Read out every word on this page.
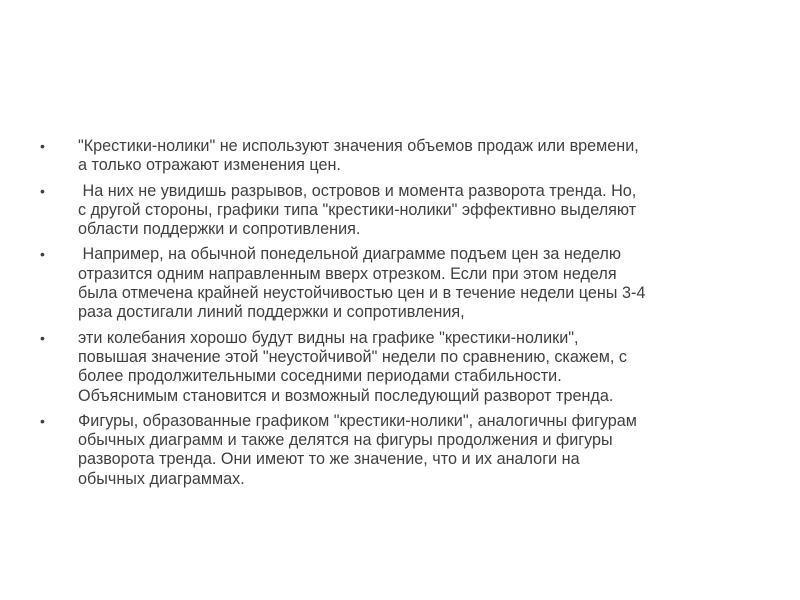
•	"Крестики-нолики" не используют значения объемов продаж или времени,
а только отражают изменения цен.
•	На них не увидишь разрывов, островов и момента разворота тренда. Но,
с другой стороны, графики типа "крестики-нолики" эффективно выделяют
области поддержки и сопротивления.
•	Например, на обычной понедельной диаграмме подъем цен за неделю
отразится одним направленным вверх отрезком. Если при этом неделя
была отмечена крайней неустойчивостью цен и в течение недели цены 3-4
раза достигали линий поддержки и сопротивления,
•	эти колебания хорошо будут видны на графике "крестики-нолики",
повышая значение этой "неустойчивой" недели по сравнению, скажем, с
более продолжительными соседними периодами стабильности.
Объяснимым становится и возможный последующий разворот тренда.
•	Фигуры, образованные графиком "крестики-нолики", аналогичны фигурам
обычных диаграмм и также делятся на фигуры продолжения и фигуры
разворота тренда. Они имеют то же значение, что и их аналоги на
обычных диаграммах.
